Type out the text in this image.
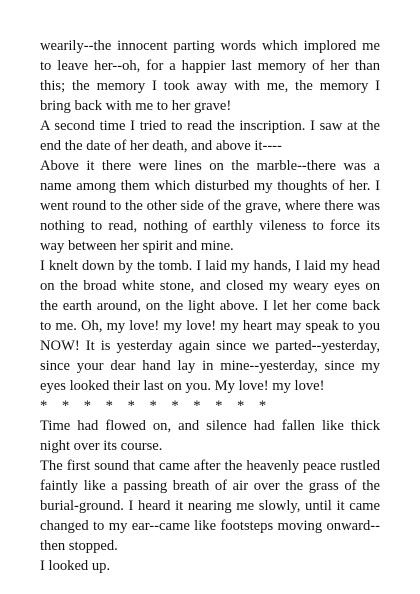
wearily--the innocent parting words which implored me to leave her--oh, for a happier last memory of her than this; the memory I took away with me, the memory I bring back with me to her grave!

A second time I tried to read the inscription. I saw at the end the date of her death, and above it----

Above it there were lines on the marble--there was a name among them which disturbed my thoughts of her. I went round to the other side of the grave, where there was nothing to read, nothing of earthly vileness to force its way between her spirit and mine.

I knelt down by the tomb. I laid my hands, I laid my head on the broad white stone, and closed my weary eyes on the earth around, on the light above. I let her come back to me. Oh, my love! my love! my heart may speak to you NOW! It is yesterday again since we parted--yesterday, since your dear hand lay in mine--yesterday, since my eyes looked their last on you. My love! my love!

*    *    *    *    *    *    *    *    *    *    *

Time had flowed on, and silence had fallen like thick night over its course.

The first sound that came after the heavenly peace rustled faintly like a passing breath of air over the grass of the burial-ground. I heard it nearing me slowly, until it came changed to my ear--came like footsteps moving onward--then stopped.

I looked up.
